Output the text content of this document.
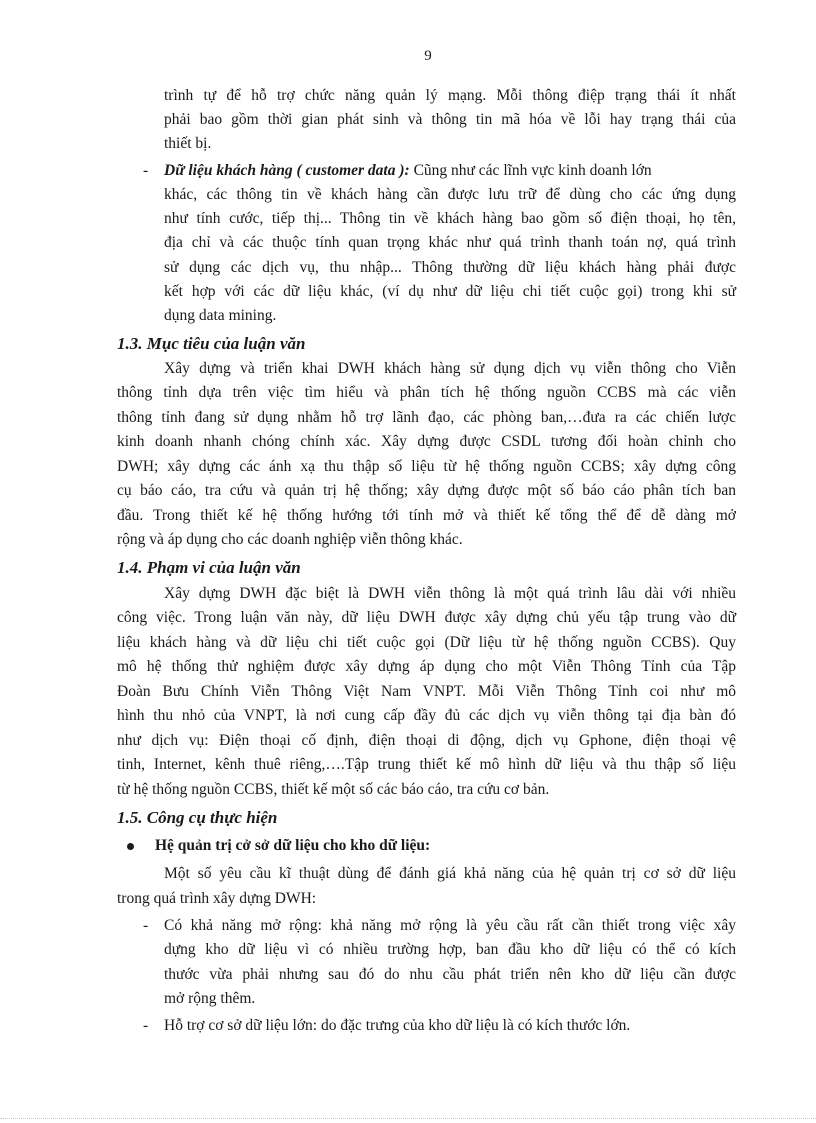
9
trình tự để hỗ trợ chức năng quản lý mạng. Mỗi thông điệp trạng thái ít nhất
phải bao gồm thời gian phát sinh và thông tin mã hóa về lỗi hay trạng thái của
thiết bị.
-	Dữ liệu khách hàng ( customer data ): Cũng như các lĩnh vực kinh doanh lớn
khác, các thông tin về khách hàng cần được lưu trữ để dùng cho các ứng dụng
như tính cước, tiếp thị... Thông tin về khách hàng bao gồm số điện thoại, họ tên,
địa chỉ và các thuộc tính quan trọng khác như quá trình thanh toán nợ, quá trình
sử dụng các dịch vụ, thu nhập... Thông thường dữ liệu khách hàng phải được
kết hợp với các dữ liệu khác, (ví dụ như dữ liệu chi tiết cuộc gọi) trong khi sử
dụng data mining.
1.3. Mục tiêu của luận văn
Xây dựng và triển khai DWH khách hàng sử dụng dịch vụ viễn thông cho Viễn
thông tỉnh dựa trên việc tìm hiểu và phân tích hệ thống nguồn CCBS mà các viễn
thông tỉnh đang sử dụng nhằm hỗ trợ lãnh đạo, các phòng ban,…đưa ra các chiến lược
kinh doanh nhanh chóng chính xác. Xây dựng được CSDL tương đối hoàn chỉnh cho
DWH; xây dựng các ánh xạ thu thập số liệu từ hệ thống nguồn CCBS; xây dựng công
cụ báo cáo, tra cứu và quản trị hệ thống; xây dựng được một số báo cáo phân tích ban
đầu. Trong thiết kế hệ thống hướng tới tính mở và thiết kế tổng thể để dễ dàng mở
rộng và áp dụng cho các doanh nghiệp viễn thông khác.
1.4. Phạm vi của luận văn
Xây dựng DWH đặc biệt là DWH viễn thông là một quá trình lâu dài với nhiều
công việc. Trong luận văn này, dữ liệu DWH được xây dựng chủ yếu tập trung vào dữ
liệu khách hàng và dữ liệu chi tiết cuộc gọi (Dữ liệu từ hệ thống nguồn CCBS). Quy
mô hệ thống thử nghiệm được xây dựng áp dụng cho một Viễn Thông Tỉnh của Tập
Đoàn Bưu Chính Viễn Thông Việt Nam VNPT. Mỗi Viễn Thông Tỉnh coi như mô
hình thu nhỏ của VNPT, là nơi cung cấp đầy đủ các dịch vụ viễn thông tại địa bàn đó
như dịch vụ: Điện thoại cố định, điện thoại di động, dịch vụ Gphone, điện thoại vệ
tinh, Internet, kênh thuê riêng,….Tập trung thiết kế mô hình dữ liệu và thu thập số liệu
từ hệ thống nguồn CCBS, thiết kế một số các báo cáo, tra cứu cơ bản.
1.5. Công cụ thực hiện
Hệ quản trị cở sở dữ liệu cho kho dữ liệu:
Một số yêu cầu kĩ thuật dùng để đánh giá khả năng của hệ quản trị cơ sở dữ liệu
trong quá trình xây dựng DWH:
-	Có khả năng mở rộng: khả năng mở rộng là yêu cầu rất cần thiết trong việc xây
dựng kho dữ liệu vì có nhiều trường hợp, ban đầu kho dữ liệu có thể có kích
thước vừa phải nhưng sau đó do nhu cầu phát triển nên kho dữ liệu cần được
mở rộng thêm.
-	Hỗ trợ cơ sở dữ liệu lớn: do đặc trưng của kho dữ liệu là có kích thước lớn.
